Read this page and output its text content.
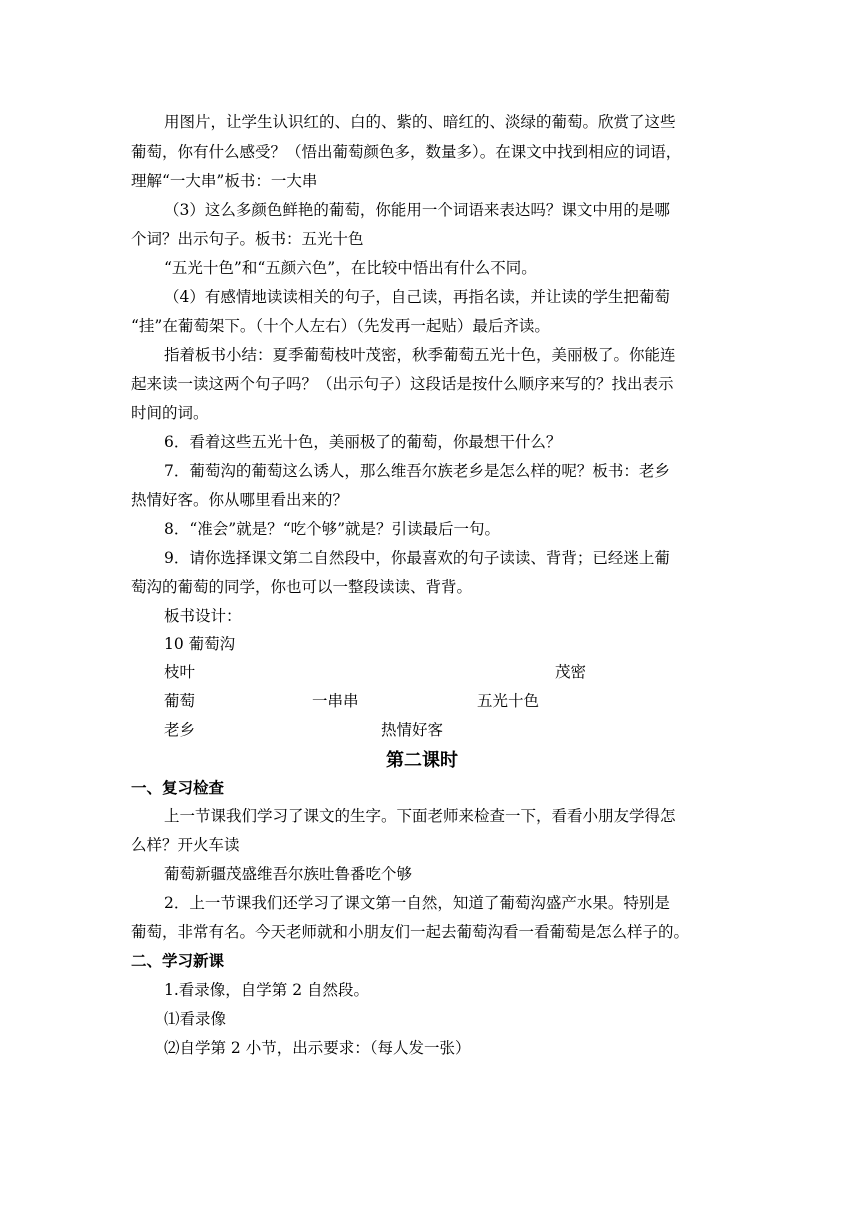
用图片，让学生认识红的、白的、紫的、暗红的、淡绿的葡萄。欣赏了这些
葡萄，你有什么感受？（悟出葡萄颜色多，数量多）。在课文中找到相应的词语，
理解“一大串”板书：一大串
（3）这么多颜色鲜艳的葡萄，你能用一个词语来表达吗？课文中用的是哪
个词？出示句子。板书：五光十色
“五光十色”和“五颜六色”，在比较中悟出有什么不同。
（4）有感情地读读相关的句子，自己读，再指名读，并让读的学生把葡萄
“挂”在葡萄架下。（十个人左右）（先发再一起贴）最后齐读。
指着板书小结：夏季葡萄枝叶茂密，秋季葡萄五光十色，美丽极了。你能连
起来读一读这两个句子吗？（出示句子）这段话是按什么顺序来写的？找出表示
时间的词。
6．看着这些五光十色，美丽极了的葡萄，你最想干什么？
7．葡萄沟的葡萄这么诱人，那么维吾尔族老乡是怎么样的呢？板书：老乡
热情好客。你从哪里看出来的？
8．“准会”就是？“吃个够”就是？引读最后一句。
9．请你选择课文第二自然段中，你最喜欢的句子读读、背背；已经迷上葡
萄沟的葡萄的同学，你也可以一整段读读、背背。
板书设计：
10 葡萄沟
枝叶	茂密
葡萄	一串串	五光十色
老乡	热情好客
第二课时
一、复习检查
上一节课我们学习了课文的生字。下面老师来检查一下，看看小朋友学得怎
么样？开火车读
葡萄新疆茂盛维吾尔族吐鲁番吃个够
2．上一节课我们还学习了课文第一自然，知道了葡萄沟盛产水果。特别是
葡萄，非常有名。今天老师就和小朋友们一起去葡萄沟看一看葡萄是怎么样子的。
二、学习新课
1.看录像，自学第 2 自然段。
⑴看录像
⑵自学第 2 小节，出示要求：（每人发一张）
